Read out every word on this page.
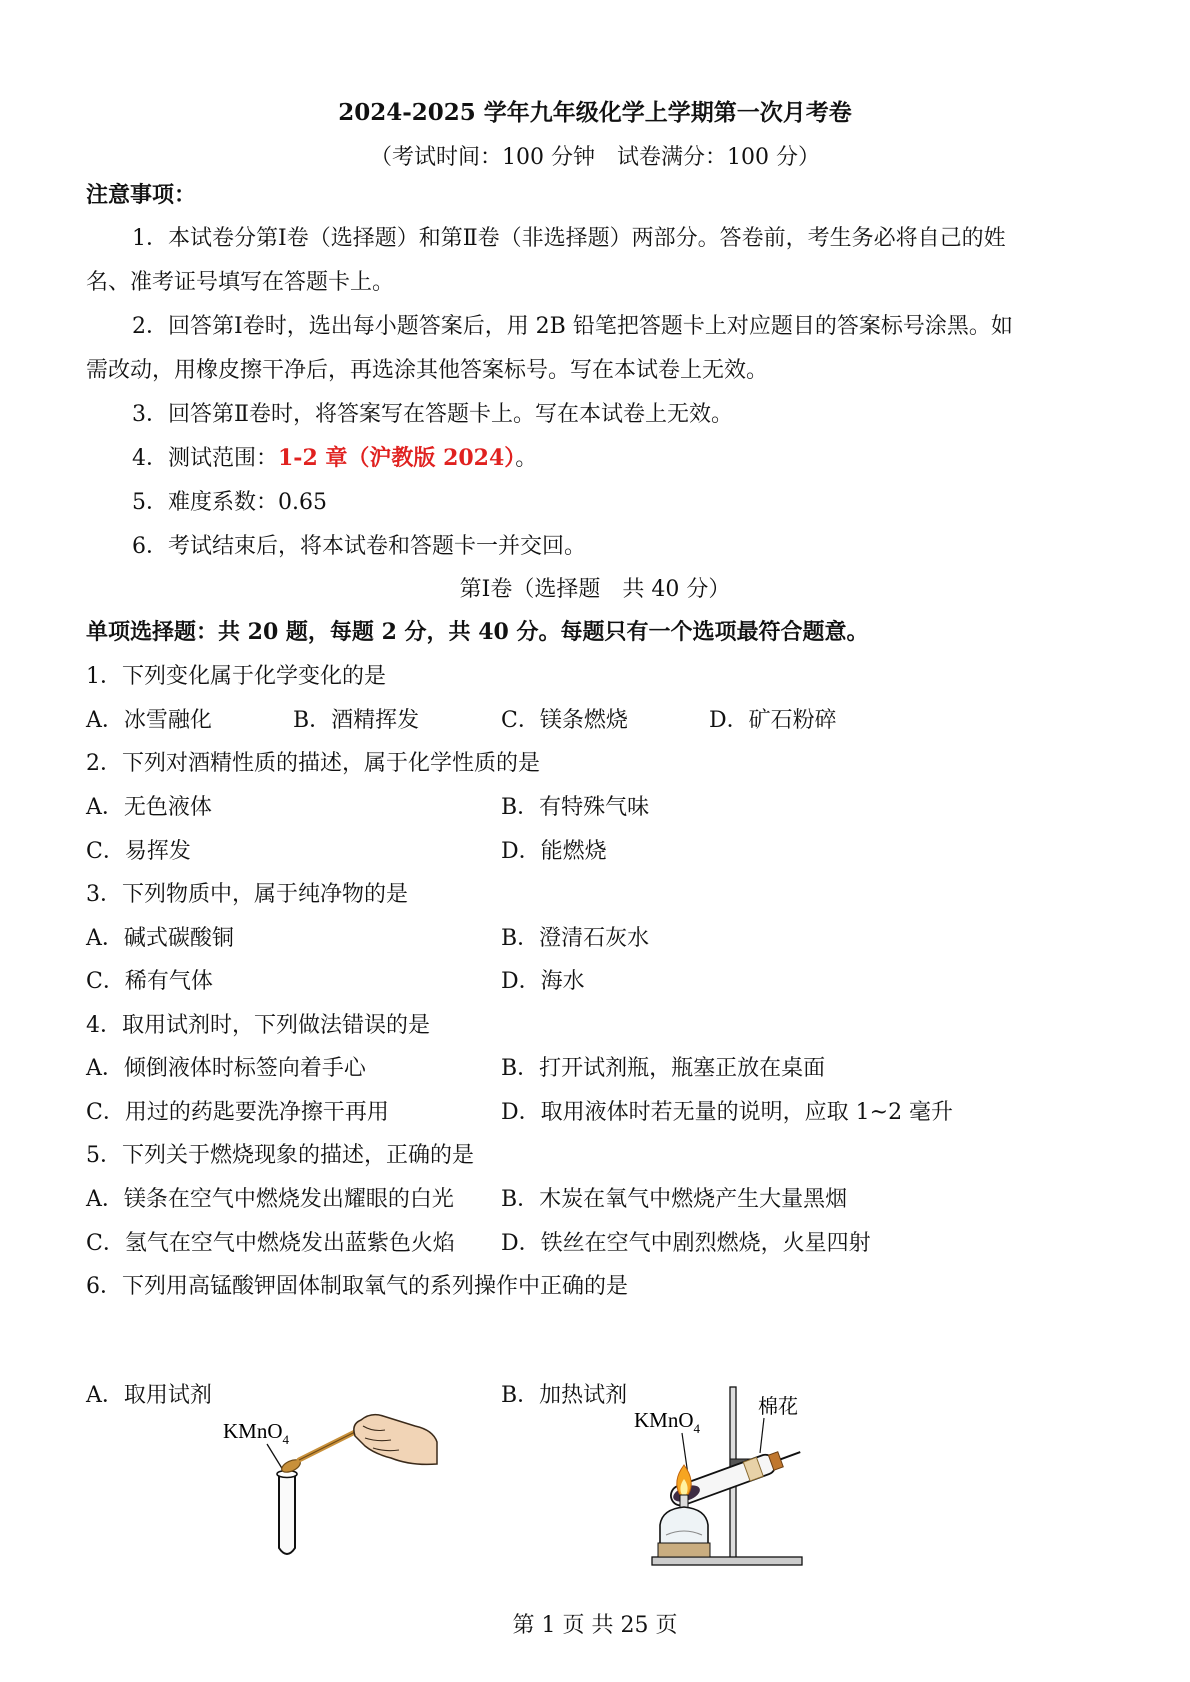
2024-2025 学年九年级化学上学期第一次月考卷
（考试时间：100 分钟　试卷满分：100 分）
注意事项：
1．本试卷分第Ⅰ卷（选择题）和第Ⅱ卷（非选择题）两部分。答卷前，考生务必将自己的姓
名、准考证号填写在答题卡上。
2．回答第Ⅰ卷时，选出每小题答案后，用 2B 铅笔把答题卡上对应题目的答案标号涂黑。如
需改动，用橡皮擦干净后，再选涂其他答案标号。写在本试卷上无效。
3．回答第Ⅱ卷时，将答案写在答题卡上。写在本试卷上无效。
4．测试范围：1-2 章（沪教版 2024）。
5．难度系数：0.65
6．考试结束后，将本试卷和答题卡一并交回。
第Ⅰ卷（选择题　共 40 分）
单项选择题：共 20 题，每题 2 分，共 40 分。每题只有一个选项最符合题意。
1．下列变化属于化学变化的是
A．冰雪融化	B．酒精挥发	C．镁条燃烧	D．矿石粉碎
2．下列对酒精性质的描述，属于化学性质的是
A．无色液体	B．有特殊气味
C．易挥发	D．能燃烧
3．下列物质中，属于纯净物的是
A．碱式碳酸铜	B．澄清石灰水
C．稀有气体	D．海水
4．取用试剂时，下列做法错误的是
A．倾倒液体时标签向着手心	B．打开试剂瓶，瓶塞正放在桌面
C．用过的药匙要洗净擦干再用	D．取用液体时若无量的说明，应取 1~2 毫升
5．下列关于燃烧现象的描述，正确的是
A．镁条在空气中燃烧发出耀眼的白光 B．木炭在氧气中燃烧产生大量黑烟
C．氢气在空气中燃烧发出蓝紫色火焰 D．铁丝在空气中剧烈燃烧，火星四射
6．下列用高锰酸钾固体制取氧气的系列操作中正确的是
A．取用试剂	B．加热试剂
KMnO$_4$
KMnO$_4$
棉花
第 1 页 共 25 页
